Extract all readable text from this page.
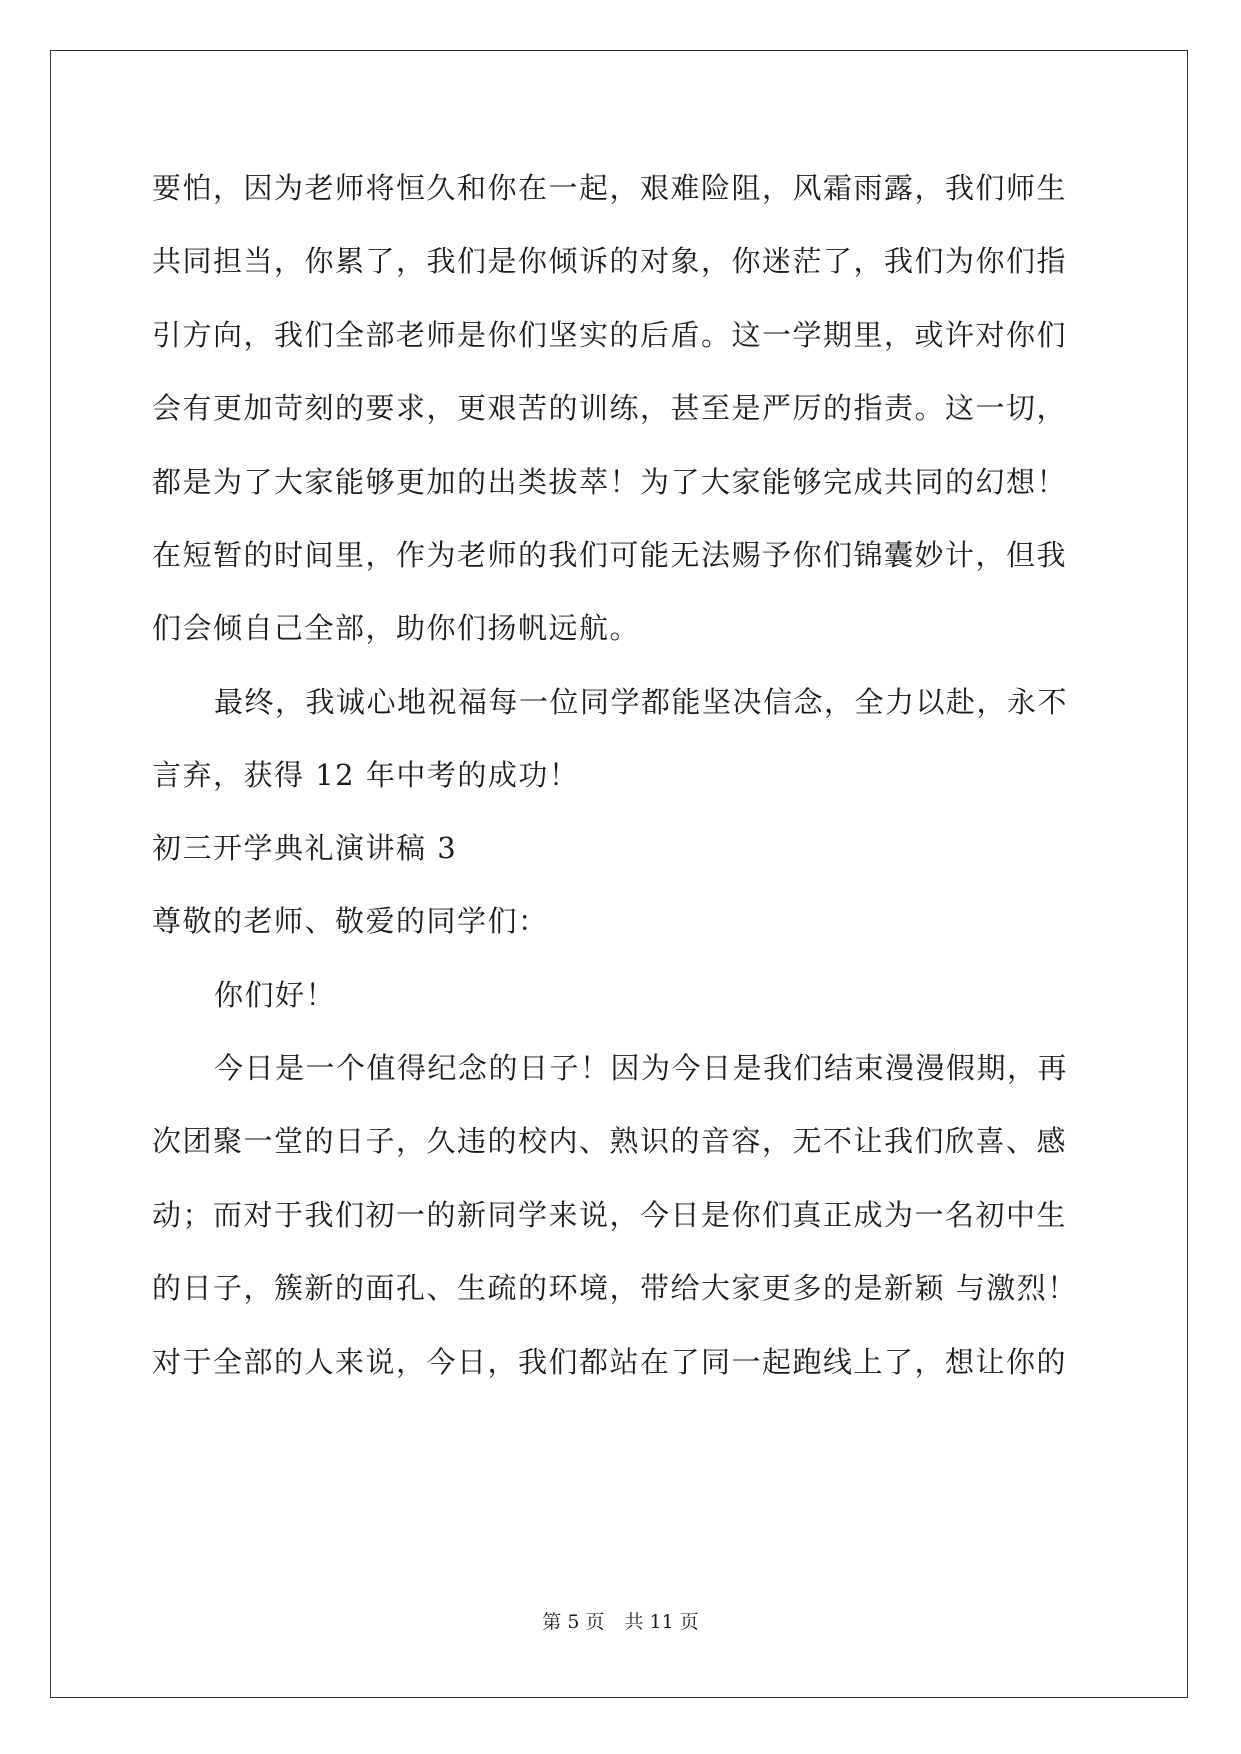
要怕，因为老师将恒久和你在一起，艰难险阻，风霜雨露，我们师生
共同担当，你累了，我们是你倾诉的对象，你迷茫了，我们为你们指
引方向，我们全部老师是你们坚实的后盾。这一学期里，或许对你们
会有更加苛刻的要求，更艰苦的训练，甚至是严厉的指责。这一切，
都是为了大家能够更加的出类拔萃！为了大家能够完成共同的幻想！
在短暂的时间里，作为老师的我们可能无法赐予你们锦囊妙计，但我
们会倾自己全部，助你们扬帆远航。
最终，我诚心地祝福每一位同学都能坚决信念，全力以赴，永不
言弃，获得 12 年中考的成功！
初三开学典礼演讲稿 3
尊敬的老师、敬爱的同学们：
你们好！
今日是一个值得纪念的日子！因为今日是我们结束漫漫假期，再
次团聚一堂的日子，久违的校内、熟识的音容，无不让我们欣喜、感
动；而对于我们初一的新同学来说，今日是你们真正成为一名初中生
的日子，簇新的面孔、生疏的环境，带给大家更多的是新颖 与激烈！
对于全部的人来说，今日，我们都站在了同一起跑线上了，想让你的
第 5 页 共 11 页
